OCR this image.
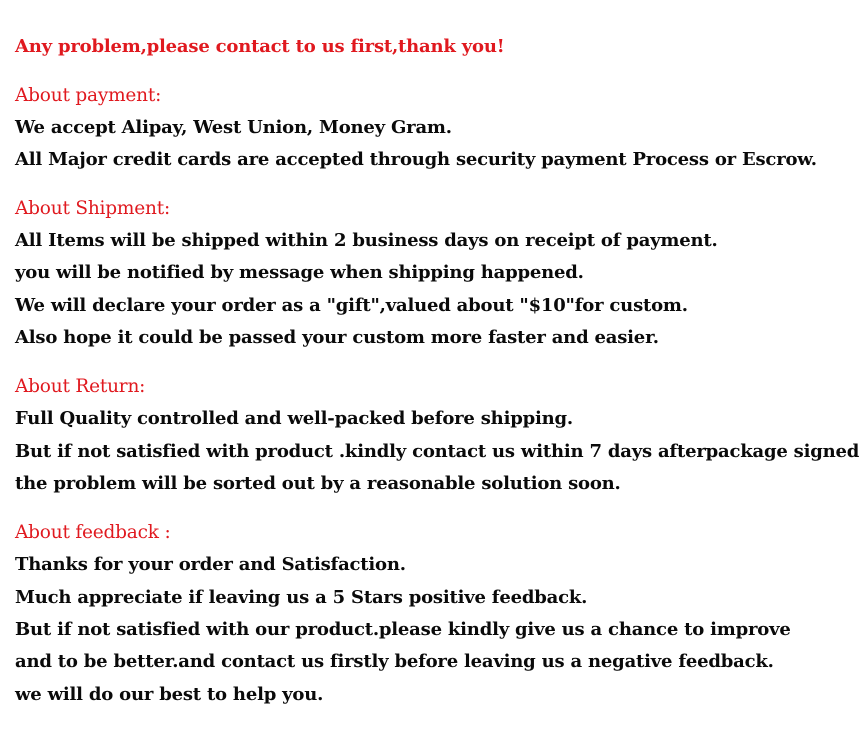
Any problem,please contact to us first,thank you!
About payment:
We accept Alipay, West Union, Money Gram.
All Major credit cards are accepted through security payment Process or Escrow.
About Shipment:
All Items will be shipped within 2 business days on receipt of payment.
you will be notified by message when shipping happened.
We will declare your order as a "gift",valued about "$10"for custom.
Also hope it could be passed your custom more faster and easier.
About Return:
Full Quality controlled and well-packed before shipping.
But if not satisfied with product .kindly contact us within 7 days afterpackage signed
the problem will be sorted out by a reasonable solution soon.
About feedback :
Thanks for your order and Satisfaction.
Much appreciate if leaving us a 5 Stars positive feedback.
But if not satisfied with our product.please kindly give us a chance to improve
and to be better.and contact us firstly before leaving us a negative feedback.
we will do our best to help you.
